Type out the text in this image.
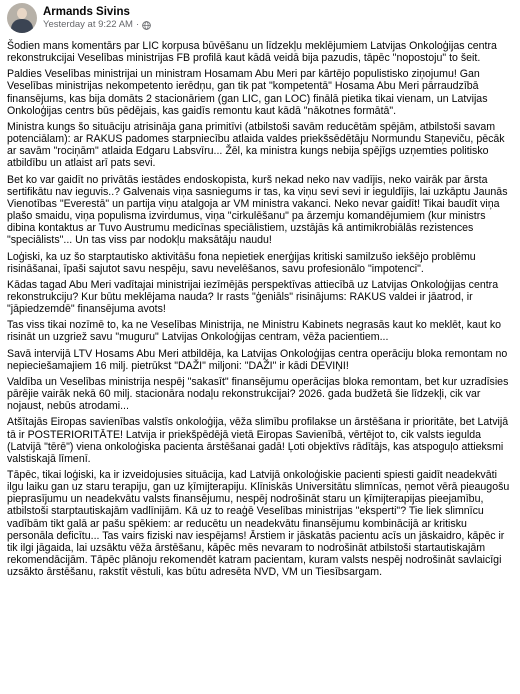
Armands Sivins
Yesterday at 9:22 AM ·

Šodien mans komentārs par LIC korpusa būvēšanu un līdzekļu meklējumiem Latvijas Onkoloģijas centra rekonstrukcijai Veselības ministrijas FB profilā kaut kādā veidā bija pazudis, tāpēc "nopostoju" to šeit.

Paldies Veselības ministrijai un ministram Hosamam Abu Meri par kārtējo populistisko ziņojumu! Gan Veselības ministrijas nekompetento ierēdņu, gan tik pat "kompetentā" Hosama Abu Meri pārraudzībā finansējums, kas bija domāts 2 stacionāriem (gan LIC, gan LOC) finālā pietika tikai vienam, un Latvijas Onkoloģijas centrs būs pēdējais, kas gaidīs remontu kaut kādā "nākotnes formātā".

Ministra kungs šo situāciju atrisināja gana primitīvi (atbilstoši savām reducētām spējām, atbilstoši savam potenciālam): ar RAKUS padomes starpniecību atlaida valdes priekšsēdētāju Normundu Staņeviču, pēcāk ar savām "rociņām" atlaida Edgaru Labsvīru... Žēl, ka ministra kungs nebija spējīgs uzņemties politisko atbildību un atlaist arī pats sevi.

Bet ko var gaidīt no privātās iestādes endoskopista, kurš nekad neko nav vadījis, neko vairāk par ārsta sertifikātu nav ieguvis..? Galvenais viņa sasniegums ir tas, ka viņu sevi sevi ir ieguldījis, lai uzkāptu Jaunās Vienotības "Everestā" un partija viņu atalgoja ar VM ministra vakanci. Neko nevar gaidīt! Tikai baudīt viņa plašo smaidu, viņa populisma izvirdumus, viņa "cirkulēšanu" pa ārzemju komandējumiem (kur ministrs dibina kontaktus ar Tuvo Austrumu medicīnas speciālistiem, uzstājās kā antimikrobiālās rezistences "speciālists"... Un tas viss par nodokļu maksātāju naudu!

Loģiski, ka uz šo starptautisko aktivitāšu fona nepietiek enerģijas kritiski samilzušo iekšējo problēmu risināšanai, īpaši sajutot savu nespēju, savu nevelēšanos, savu profesionālo "impotenci".

Kādas tagad Abu Meri vadītajai ministrijai iezīmējās perspektīvas attiecībā uz Latvijas Onkoloģijas centra rekonstrukciju? Kur būtu meklējama nauda? Ir rasts "ģeniāls" risinājums: RAKUS valdei ir jāatrod, ir "jāpiedzemdē" finansējuma avots!

Tas viss tikai nozīmē to, ka ne Veselības Ministrija, ne Ministru Kabinets negrasās kaut ko meklēt, kaut ko risināt un uzgriež savu "muguru" Latvijas Onkoloģijas centram, vēža pacientiem...

Savā intervijā LTV Hosams Abu Meri atbildēja, ka Latvijas Onkoloģijas centra operāciju bloka remontam no nepieciešamajiem 16 milj. pietrūkst "DAŽI" miljoni: "DAŽI" ir kādi DEVIŅI!

Valdība un Veselības ministrija nespēj "sakasīt" finansējumu operācijas bloka remontam, bet kur uzradīsies pārējie vairāk nekā 60 milj. stacionāra nodaļu rekonstrukcijai? 2026. gada budžetā šie līdzekļi, cik var nojaust, nebūs atrodami...

Atšītajās Eiropas savienības valstīs onkoloģija, vēža slimību profilakse un ārstēšana ir prioritāte, bet Latvijā tā ir POSTERIORITĀTE! Latvija ir priekšpēdējā vietā Eiropas Savienībā, vērtējot to, cik valsts iegulda (Latvijā "tērē") viena onkoloģiska pacienta ārstēšanai gadā! Ļoti objektīvs rādītājs, kas atspoguļo attieksmi valstiskajā līmenī.

Tāpēc, tikai loģiski, ka ir izveidojusies situācija, kad Latvijā onkoloģiskie pacienti spiesti gaidīt neadekvāti ilgu laiku gan uz staru terapiju, gan uz ķīmijterapiju. Klīniskās Universitātu slimnīcas, ņemot vērā pieaugošu pieprasījumu un neadekvātu valsts finansējumu, nespēj nodrošināt staru un ķīmijterapijas pieejamību, atbilstoši starptautiskajām vadlīnijām. Kā uz to reaģē Veselības ministrijas "eksperti"? Tie liek slimnīcu vadībām tikt galā ar pašu spēkiem: ar reducētu un neadekvātu finansējumu kombinācijā ar kritisku personāla deficītu... Tas vairs fiziski nav iespējams! Ārstiem ir jāskatās pacientu acīs un jāskaidro, kāpēc ir tik ilgi jāgaida, lai uzsāktu vēža ārstēšanu, kāpēc mēs nevaram to nodrošināt atbilstoši startautiskajām rekomendācijām. Tāpēc plānoju rekomendēt katram pacientam, kuram valsts nespēj nodrošināt savlaicīgi uzsākto ārstēšanu, rakstīt vēstuli, kas būtu adresēta NVD, VM un Tiesībsargam.
